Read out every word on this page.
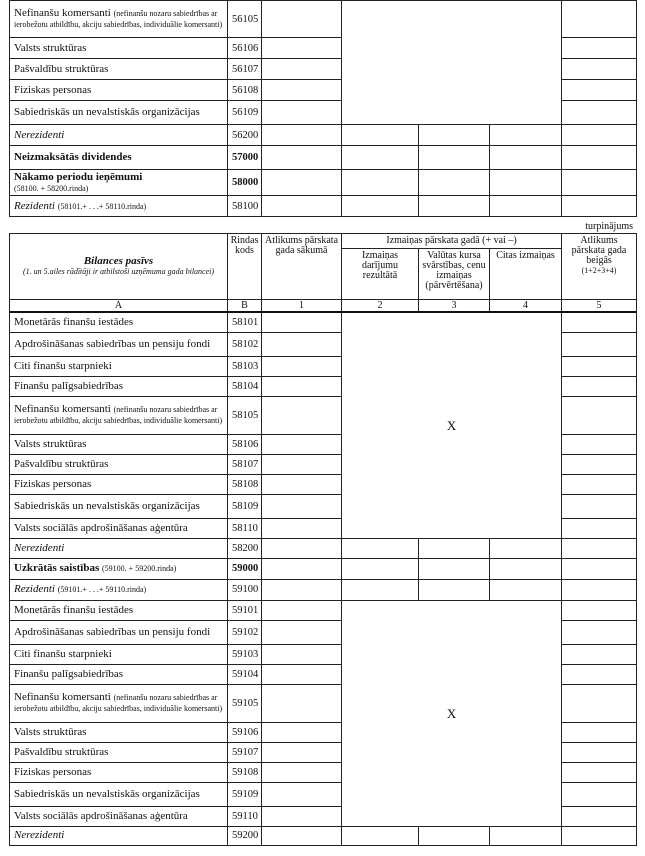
Nefinanšu komersanti (nefinanšu nozaru sabiedrības ar ierobežotu atbildību, akciju sabiedrības, individuālie komersanti)	56105					
Valsts struktūras	56106					
Pašvaldību struktūras	56107					
Fiziskas personas	56108					
Sabiedriskās un nevalstiskās organizācijas	56109					
Nerezidenti	56200					
Neizmaksātās dividendes	57000					
Nākamo periodu ieņēmumi
(58100. + 58200.rinda)	58000					
Rezidenti (58101.+ . . .+ 58110.rinda)	58100					
turpinājums
Bilances pasīvs
(1. un 5.ailes rādītāji ir atbilstoši uzņēmuma gada bilancei)	Rindas kods	Atlikums pārskata gada sākumā	Izmaiņas pārskata gadā (+ vai –)			Atlikums pārskata gada beigās
(1+2+3+4)
			Izmaiņas darījumu rezultātā	Valūtas kursa svārstības, cenu izmaiņas (pārvērtēšana)	Citas izmaiņas	
A	B	1	2	3	4	5
Monetārās finanšu iestādes	58101		X			
Apdrošināšanas sabiedrības un pensiju fondi	58102					
Citi finanšu starpnieki	58103					
Finanšu palīgsabiedrības	58104					
Nefinanšu komersanti (nefinanšu nozaru sabiedrības ar ierobežotu atbildību, akciju sabiedrības, individuālie komersanti)	58105					
Valsts struktūras	58106					
Pašvaldību struktūras	58107					
Fiziskas personas	58108					
Sabiedriskās un nevalstiskās organizācijas	58109					
Valsts sociālās apdrošināšanas aģentūra	58110					
Nerezidenti	58200					
Uzkrātās saistības (59100. + 59200.rinda)	59000					
Rezidenti (59101.+ . . .+ 59110.rinda)	59100					
Monetārās finanšu iestādes	59101		X			
Apdrošināšanas sabiedrības un pensiju fondi	59102					
Citi finanšu starpnieki	59103					
Finanšu palīgsabiedrības	59104					
Nefinanšu komersanti (nefinanšu nozaru sabiedrības ar ierobežotu atbildību, akciju sabiedrības, individuālie komersanti)	59105					
Valsts struktūras	59106					
Pašvaldību struktūras	59107					
Fiziskas personas	59108					
Sabiedriskās un nevalstiskās organizācijas	59109					
Valsts sociālās apdrošināšanas aģentūra	59110					
Nerezidenti	59200					
